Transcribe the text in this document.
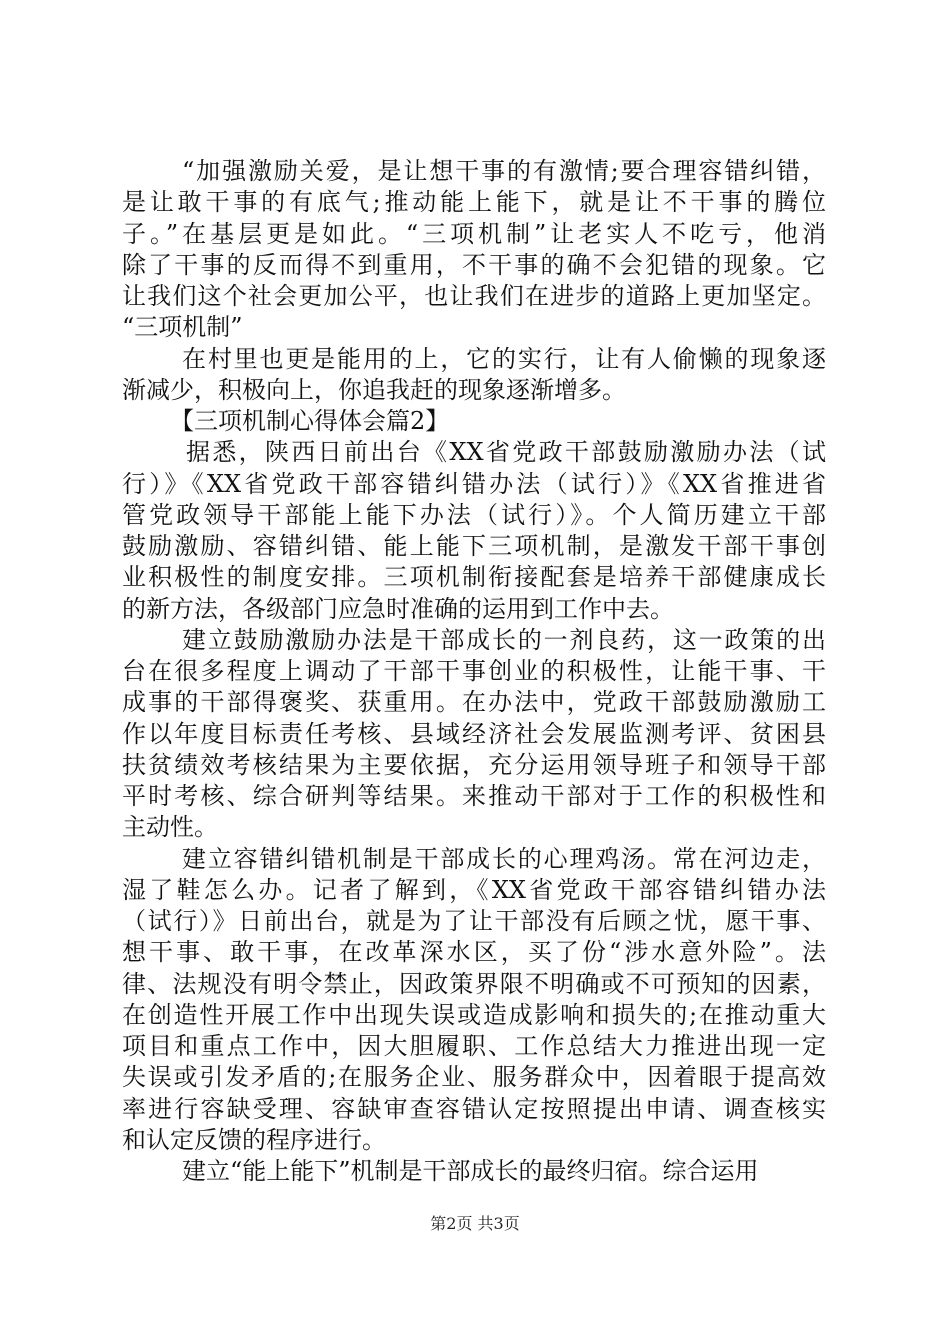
“加强激励关爱，是让想干事的有激情;要合理容错纠错，

是让敢干事的有底气;推动能上能下，就是让不干事的腾位

子。”在基层更是如此。“三项机制”让老实人不吃亏，他消

除了干事的反而得不到重用，不干事的确不会犯错的现象。它

让我们这个社会更加公平，也让我们在进步的道路上更加坚定。

“三项机制”

在村里也更是能用的上，它的实行，让有人偷懒的现象逐

渐减少，积极向上，你追我赶的现象逐渐增多。

【三项机制心得体会篇2】

据悉，陕西日前出台《XX省党政干部鼓励激励办法（试

行）》《XX省党政干部容错纠错办法（试行）》《XX省推进省

管党政领导干部能上能下办法（试行）》。个人简历建立干部

鼓励激励、容错纠错、能上能下三项机制，是激发干部干事创

业积极性的制度安排。三项机制衔接配套是培养干部健康成长

的新方法，各级部门应急时准确的运用到工作中去。

建立鼓励激励办法是干部成长的一剂良药，这一政策的出

台在很多程度上调动了干部干事创业的积极性，让能干事、干

成事的干部得褒奖、获重用。在办法中，党政干部鼓励激励工

作以年度目标责任考核、县域经济社会发展监测考评、贫困县

扶贫绩效考核结果为主要依据，充分运用领导班子和领导干部

平时考核、综合研判等结果。来推动干部对于工作的积极性和

主动性。

建立容错纠错机制是干部成长的心理鸡汤。常在河边走，

湿了鞋怎么办。记者了解到，《XX省党政干部容错纠错办法

（试行）》日前出台，就是为了让干部没有后顾之忧，愿干事、

想干事、敢干事，在改革深水区，买了份“涉水意外险”。法

律、法规没有明令禁止，因政策界限不明确或不可预知的因素，

在创造性开展工作中出现失误或造成影响和损失的;在推动重大

项目和重点工作中，因大胆履职、工作总结大力推进出现一定

失误或引发矛盾的;在服务企业、服务群众中，因着眼于提高效

率进行容缺受理、容缺审查容错认定按照提出申请、调查核实

和认定反馈的程序进行。

建立“能上能下”机制是干部成长的最终归宿。综合运用

第2页 共3页
